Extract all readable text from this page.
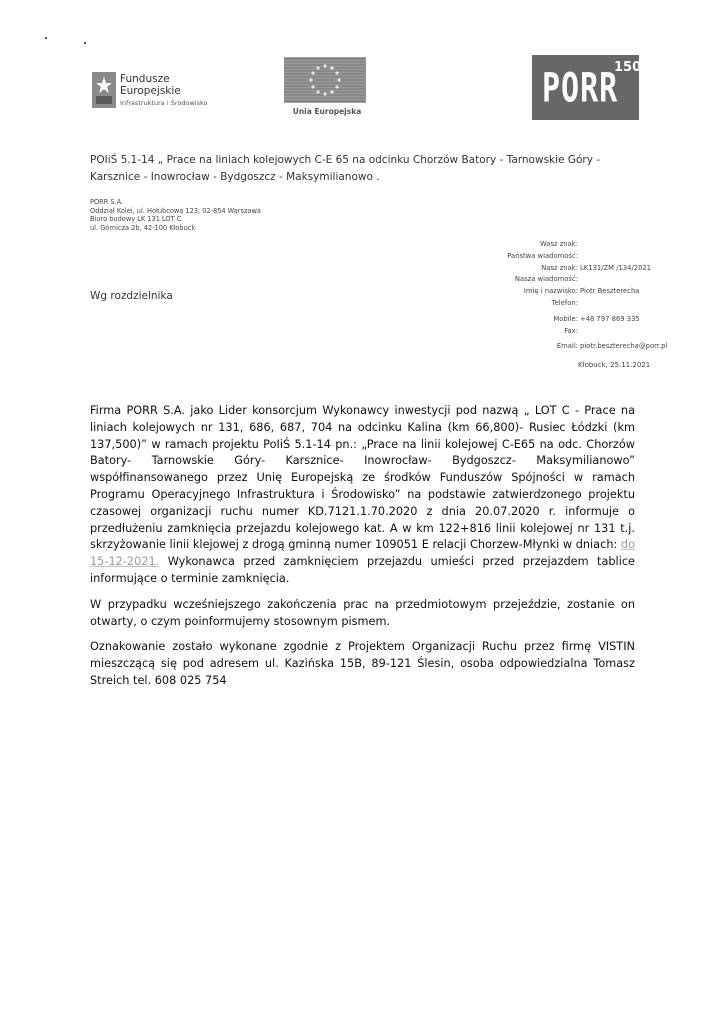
Fundusze
Europejskie
Infrastruktura i Środowisko
Unia Europejska	PORR
150
POIiŚ 5.1-14 „ Prace na liniach kolejowych C-E 65 na odcinku Chorzów Batory - Tarnowskie Góry - Karsznice - Inowrocław - Bydgoszcz - Maksymilianowo .
PORR S.A.
Oddział Kolei, ul. Hołubcowa 123, 02-854 Warszawa
Biuro budowy LK 131 LOT C
ul. Górnicza 2b, 42-100 Kłobuck
Wasz znak:
Państwa wiadomość:
Nasz znak: LK131/ZM /134/2021
Nasza wiadomość:
Imię i nazwisko: Piotr Beszterecha
Telefon:
Mobile: +48 797 869 335
Fax:
Email: piotr.beszterecha@porr.pl
Wg rozdzielnika
Kłobuck, 25.11.2021

Firma PORR S.A. jako Lider konsorcjum Wykonawcy inwestycji pod nazwą „ LOT C - Prace na liniach kolejowych nr 131, 686, 687, 704 na odcinku Kalina (km 66,800)- Rusiec Łódzki (km 137,500)” w ramach projektu PoIiŚ 5.1-14 pn.: „Prace na linii kolejowej C-E65 na odc. Chorzów Batory- Tarnowskie Góry- Karsznice- Inowrocław- Bydgoszcz- Maksymilianowo” współfinansowanego przez Unię Europejską ze środków Funduszów Spójności w ramach Programu Operacyjnego Infrastruktura i Środowisko” na podstawie zatwierdzonego projektu czasowej organizacji ruchu numer KD.7121.1.70.2020 z dnia 20.07.2020 r. informuje o przedłużeniu zamknięcia przejazdu kolejowego kat. A w km 122+816 linii kolejowej nr 131 t.j. skrzyżowanie linii klejowej z drogą gminną numer 109051 E relacji Chorzew-Młynki w dniach: do 15-12-2021. Wykonawca przed zamknięciem przejazdu umieści przed przejazdem tablice informujące o terminie zamknięcia.

W przypadku wcześniejszego zakończenia prac na przedmiotowym przejeździe, zostanie on otwarty, o czym poinformujemy stosownym pismem.

Oznakowanie zostało wykonane zgodnie z Projektem Organizacji Ruchu przez firmę VISTIN mieszczącą się pod adresem ul. Kazińska 15B, 89-121 Ślesin, osoba odpowiedzialna Tomasz Streich tel. 608 025 754
